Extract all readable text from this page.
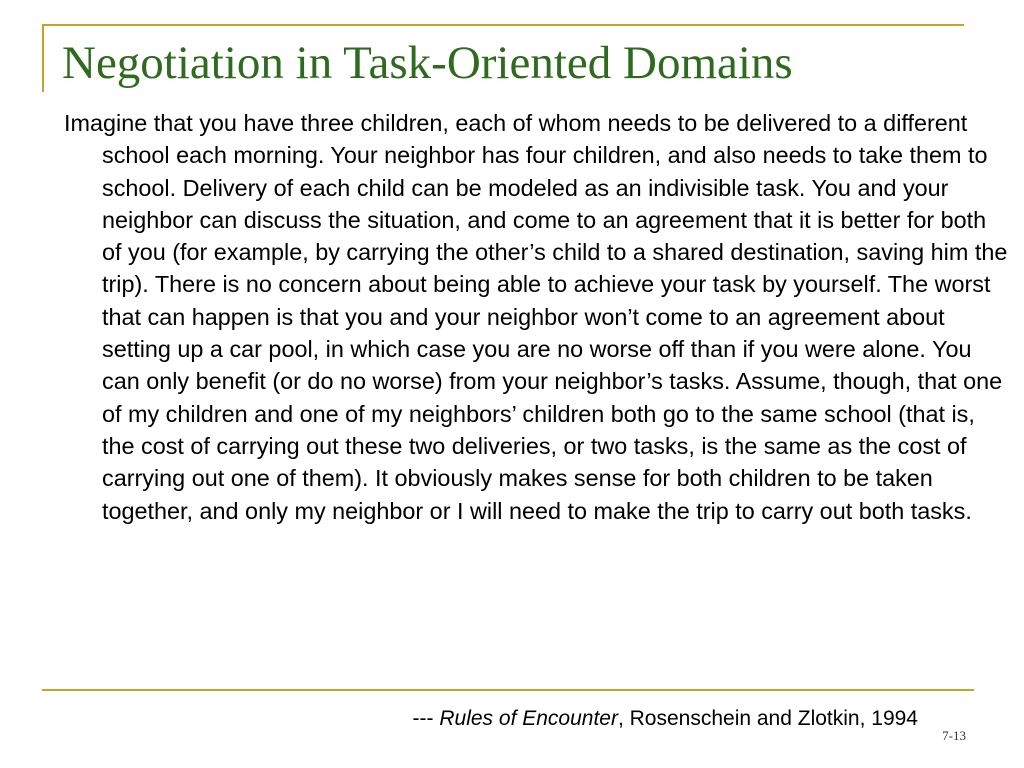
Negotiation in Task-Oriented Domains

Imagine that you have three children, each of whom needs to be delivered to a different school each morning. Your neighbor has four children, and also needs to take them to school. Delivery of each child can be modeled as an indivisible task. You and your neighbor can discuss the situation, and come to an agreement that it is better for both of you (for example, by carrying the other’s child to a shared destination, saving him the trip). There is no concern about being able to achieve your task by yourself. The worst that can happen is that you and your neighbor won’t come to an agreement about setting up a car pool, in which case you are no worse off than if you were alone. You can only benefit (or do no worse) from your neighbor’s tasks. Assume, though, that one of my children and one of my neighbors’ children both go to the same school (that is, the cost of carrying out these two deliveries, or two tasks, is the same as the cost of carrying out one of them). It obviously makes sense for both children to be taken together, and only my neighbor or I will need to make the trip to carry out both tasks.

--- Rules of Encounter, Rosenschein and Zlotkin, 1994

7-13
